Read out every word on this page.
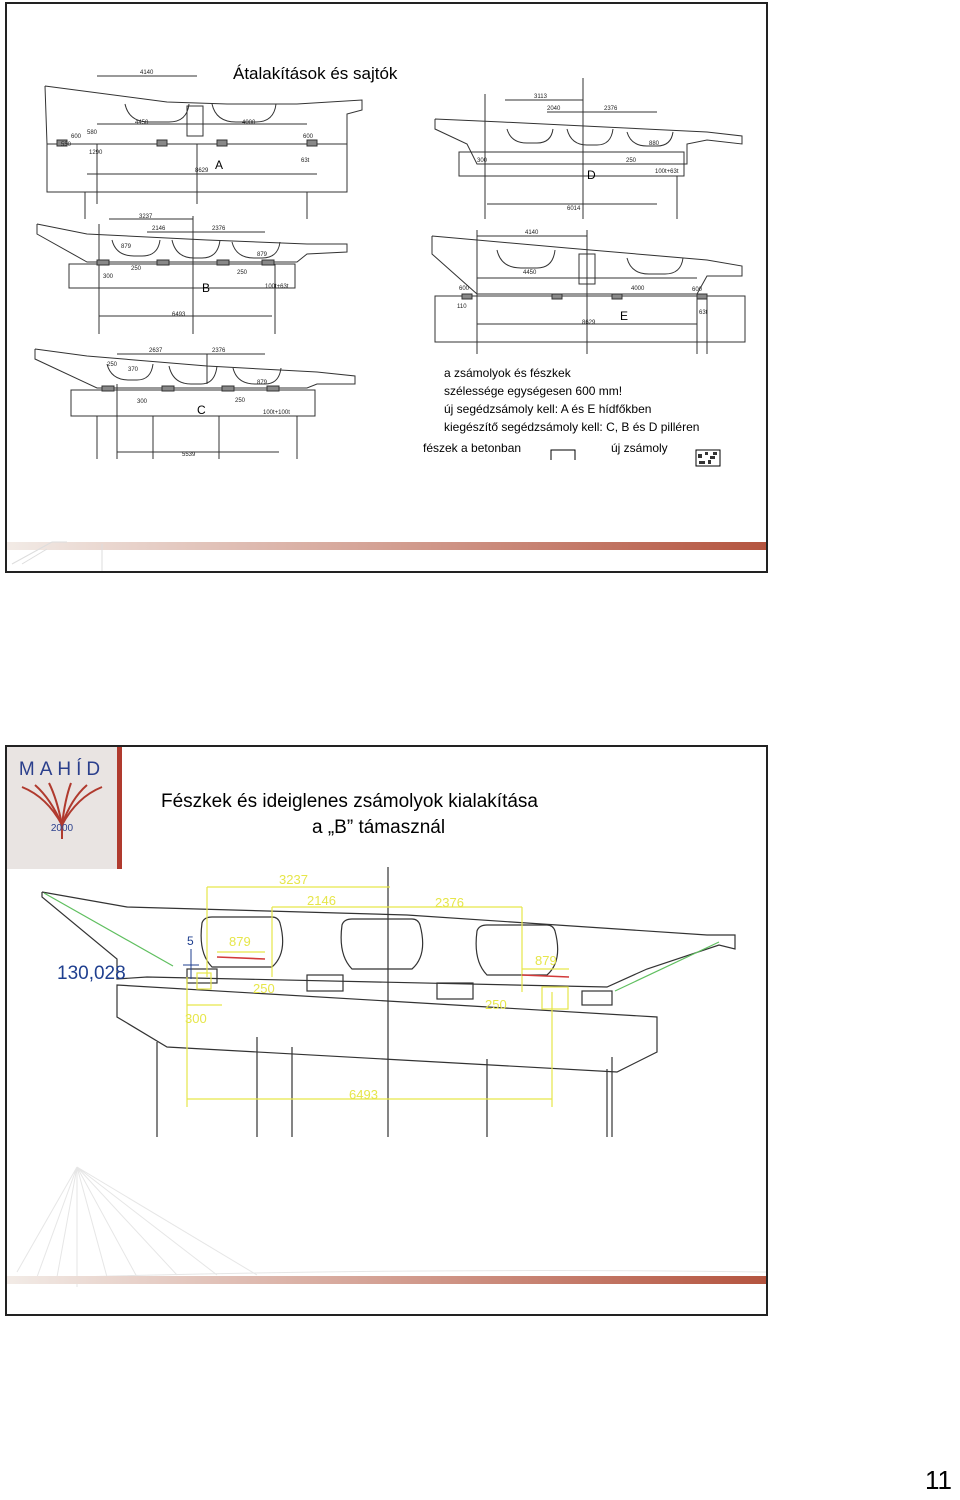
Átalakítások és sajtók
4140
4450	4000
600
580
600
550
1290
8629
63t
A
3113
2040	2376
880
300	250
100t+63t
6014
D
3237
2146	2376
879
879
250
250
300
100t+63t
6493
B
4140
4450
4000
600	600
110
8629
63t
E
2637	2376
250
370
879
300	250
100t+100t
5539
C
a zsámolyok és fészkek
szélessége egységesen 600 mm!
új segédzsámoly kell: A és E hídfőkben
kiegészítő segédzsámoly kell: C, B és D pilléren
fészek a betonban	új zsámoly
MAHÍD
2000
Fészkek és ideiglenes zsámolyok kialakítása
a „B” támasznál
3237
2146	2376
879
879
250
250
300
6493
5
130,028
11
